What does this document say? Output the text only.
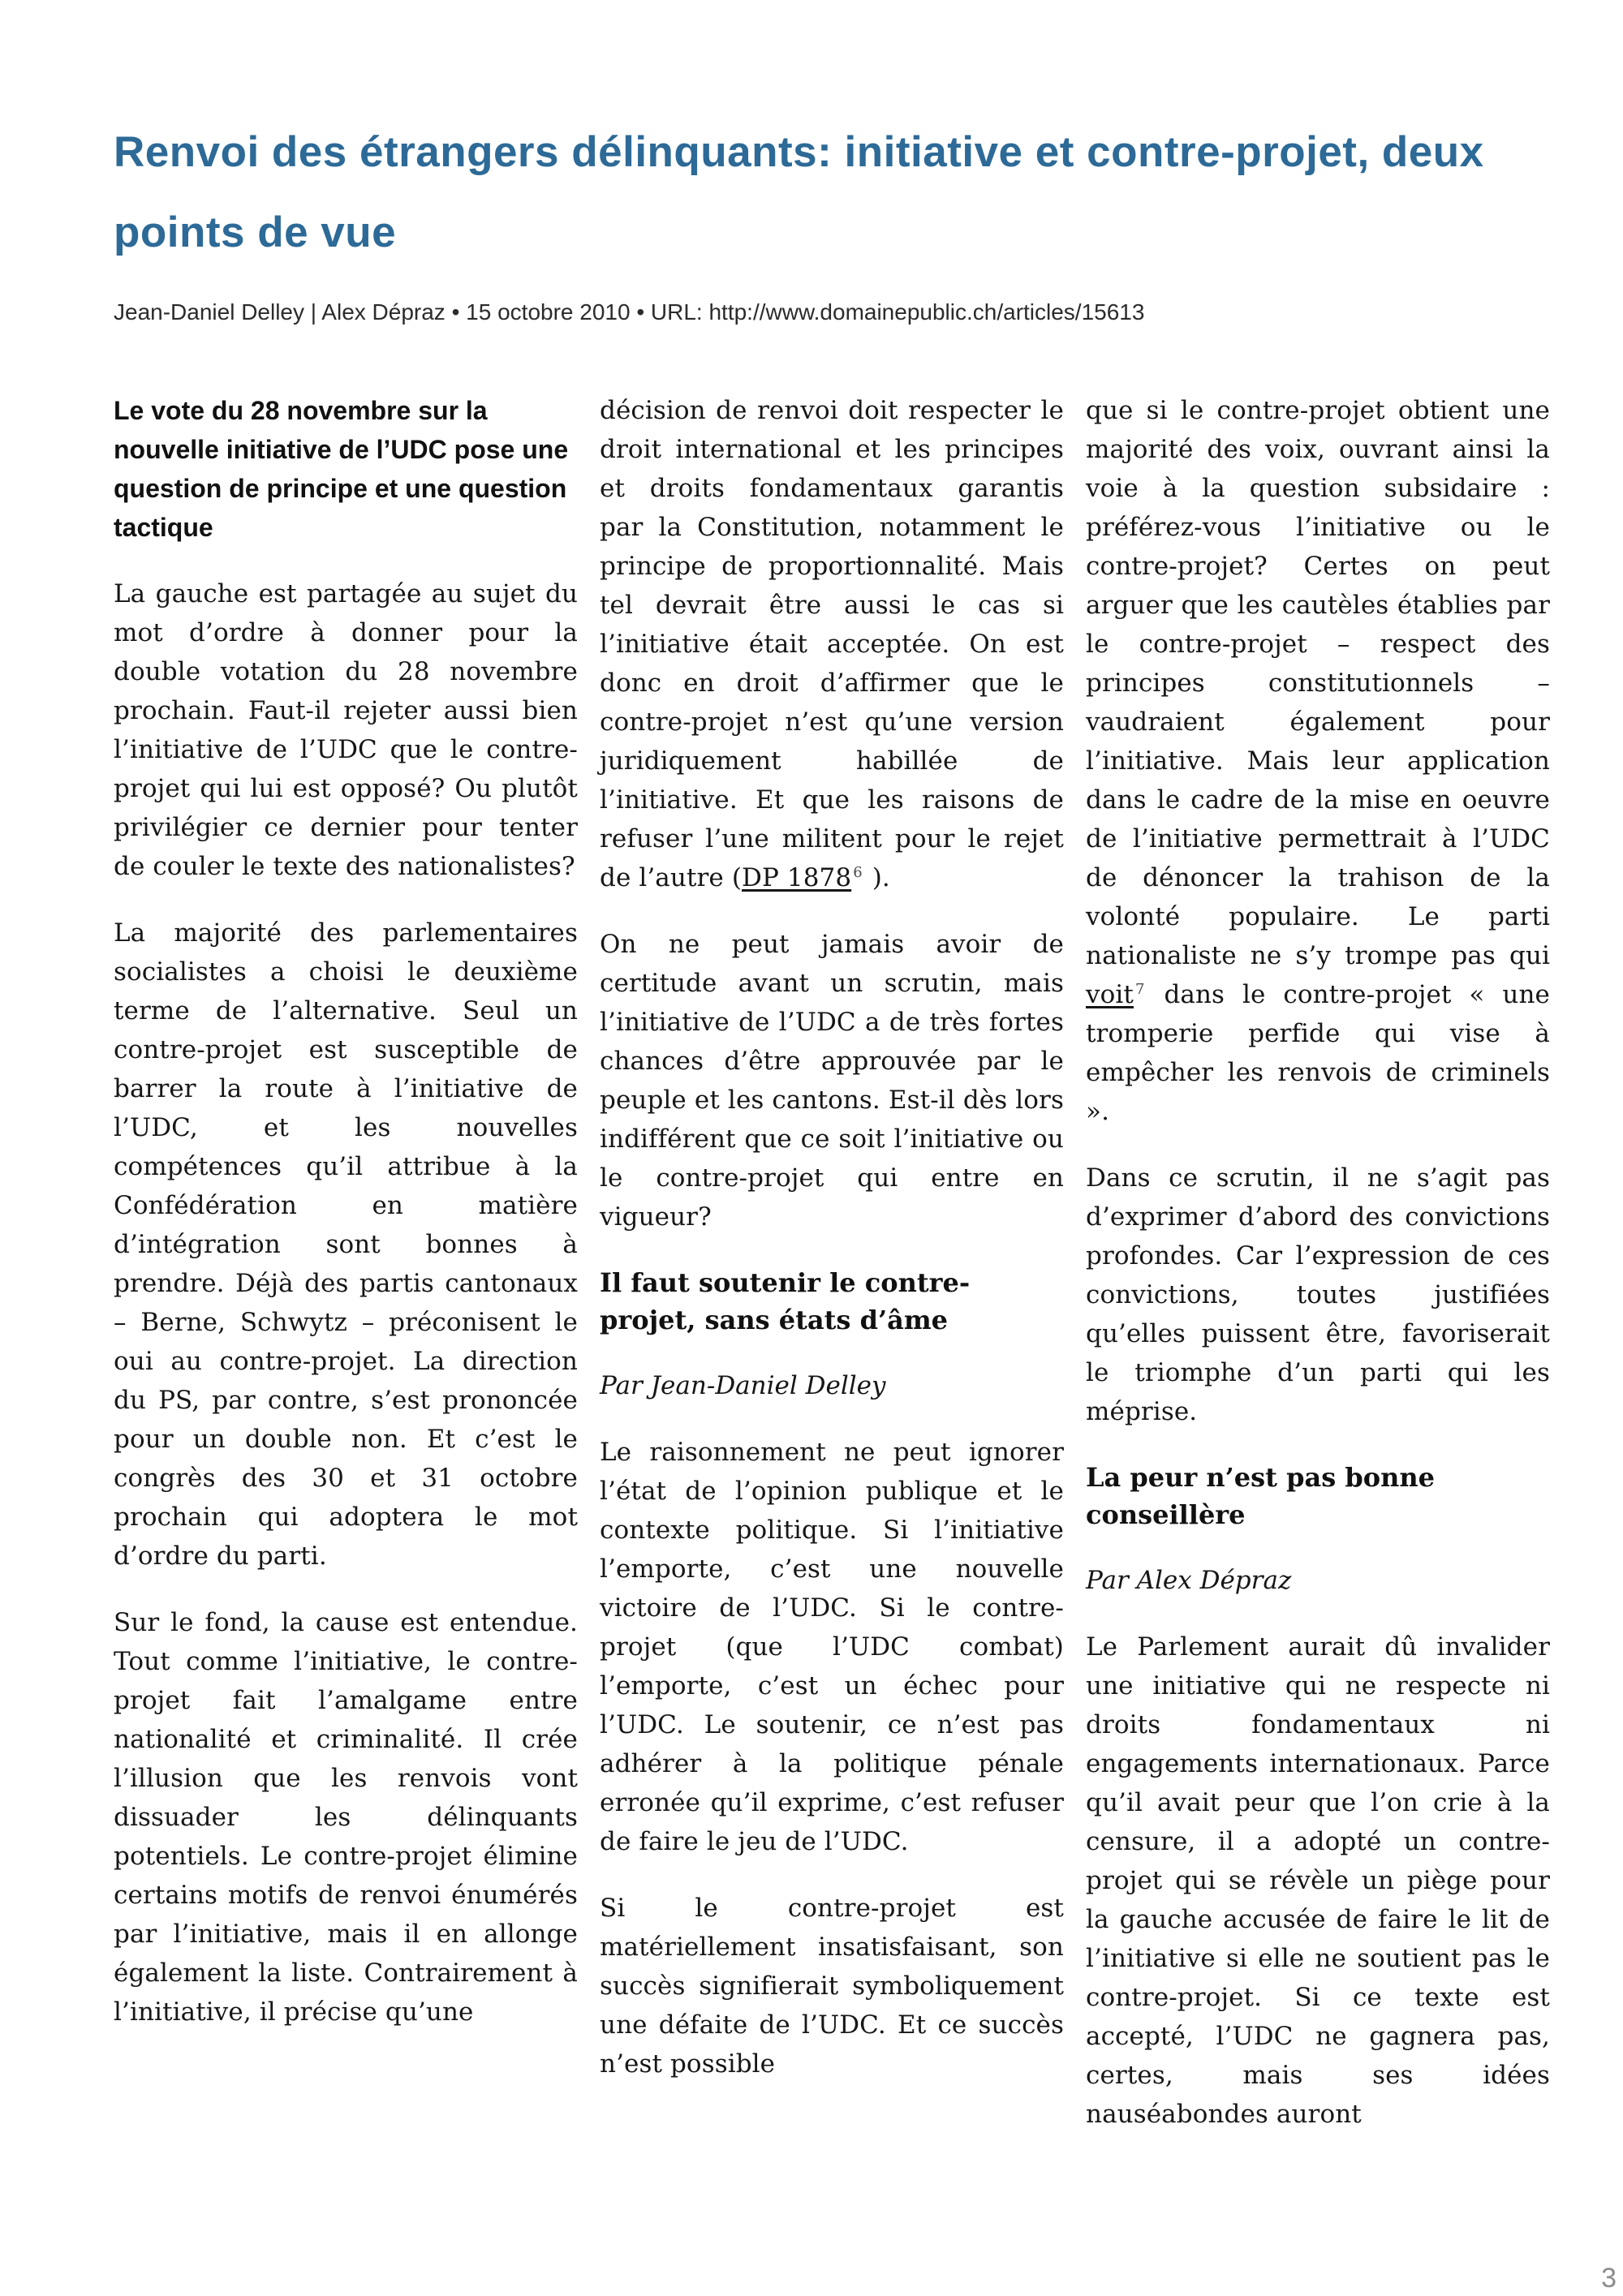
Renvoi des étrangers délinquants: initiative et contre-projet, deux points de vue
Jean-Daniel Delley | Alex Dépraz • 15 octobre 2010 • URL: http://www.domainepublic.ch/articles/15613
Le vote du 28 novembre sur la nouvelle initiative de l’UDC pose une question de principe et une question tactique

La gauche est partagée au sujet du mot d’ordre à donner pour la double votation du 28 novembre prochain. Faut-il rejeter aussi bien l’initiative de l’UDC que le contre-projet qui lui est opposé? Ou plutôt privilégier ce dernier pour tenter de couler le texte des nationalistes?

La majorité des parlementaires socialistes a choisi le deuxième terme de l’alternative. Seul un contre-projet est susceptible de barrer la route à l’initiative de l’UDC, et les nouvelles compétences qu’il attribue à la Confédération en matière d’intégration sont bonnes à prendre. Déjà des partis cantonaux – Berne, Schwytz – préconisent le oui au contre-projet. La direction du PS, par contre, s’est prononcée pour un double non. Et c’est le congrès des 30 et 31 octobre prochain qui adoptera le mot d’ordre du parti.

Sur le fond, la cause est entendue. Tout comme l’initiative, le contre-projet fait l’amalgame entre nationalité et criminalité. Il crée l’illusion que les renvois vont dissuader les délinquants potentiels. Le contre-projet élimine certains motifs de renvoi énumérés par l’initiative, mais il en allonge également la liste. Contrairement à l’initiative, il précise qu’une

décision de renvoi doit respecter le droit international et les principes et droits fondamentaux garantis par la Constitution, notamment le principe de proportionnalité. Mais tel devrait être aussi le cas si l’initiative était acceptée. On est donc en droit d’affirmer que le contre-projet n’est qu’une version juridiquement habillée de l’initiative. Et que les raisons de refuser l’une militent pour le rejet de l’autre (DP 1878 $^6$ ).

On ne peut jamais avoir de certitude avant un scrutin, mais l’initiative de l’UDC a de très fortes chances d’être approuvée par le peuple et les cantons. Est-il dès lors indifférent que ce soit l’initiative ou le contre-projet qui entre en vigueur?

Il faut soutenir le contre-projet, sans états d’âme

Par Jean-Daniel Delley

Le raisonnement ne peut ignorer l’état de l’opinion publique et le contexte politique. Si l’initiative l’emporte, c’est une nouvelle victoire de l’UDC. Si le contre-projet (que l’UDC combat) l’emporte, c’est un échec pour l’UDC. Le soutenir, ce n’est pas adhérer à la politique pénale erronée qu’il exprime, c’est refuser de faire le jeu de l’UDC.

Si le contre-projet est matériellement insatisfaisant, son succès signifierait symboliquement une défaite de l’UDC. Et ce succès n’est possible

que si le contre-projet obtient une majorité des voix, ouvrant ainsi la voie à la question subsidaire : préférez-vous l’initiative ou le contre-projet? Certes on peut arguer que les cautèles établies par le contre-projet – respect des principes constitutionnels – vaudraient également pour l’initiative. Mais leur application dans le cadre de la mise en oeuvre de l’initiative permettrait à l’UDC de dénoncer la trahison de la volonté populaire. Le parti nationaliste ne s’y trompe pas qui voit $^7$ dans le contre-projet « une tromperie perfide qui vise à empêcher les renvois de criminels ».

Dans ce scrutin, il ne s’agit pas d’exprimer d’abord des convictions profondes. Car l’expression de ces convictions, toutes justifiées qu’elles puissent être, favoriserait le triomphe d’un parti qui les méprise.

La peur n’est pas bonne conseillère

Par Alex Dépraz

Le Parlement aurait dû invalider une initiative qui ne respecte ni droits fondamentaux ni engagements internationaux. Parce qu’il avait peur que l’on crie à la censure, il a adopté un contre-projet qui se révèle un piège pour la gauche accusée de faire le lit de l’initiative si elle ne soutient pas le contre-projet. Si ce texte est accepté, l’UDC ne gagnera pas, certes, mais ses idées nauséabondes auront

3
